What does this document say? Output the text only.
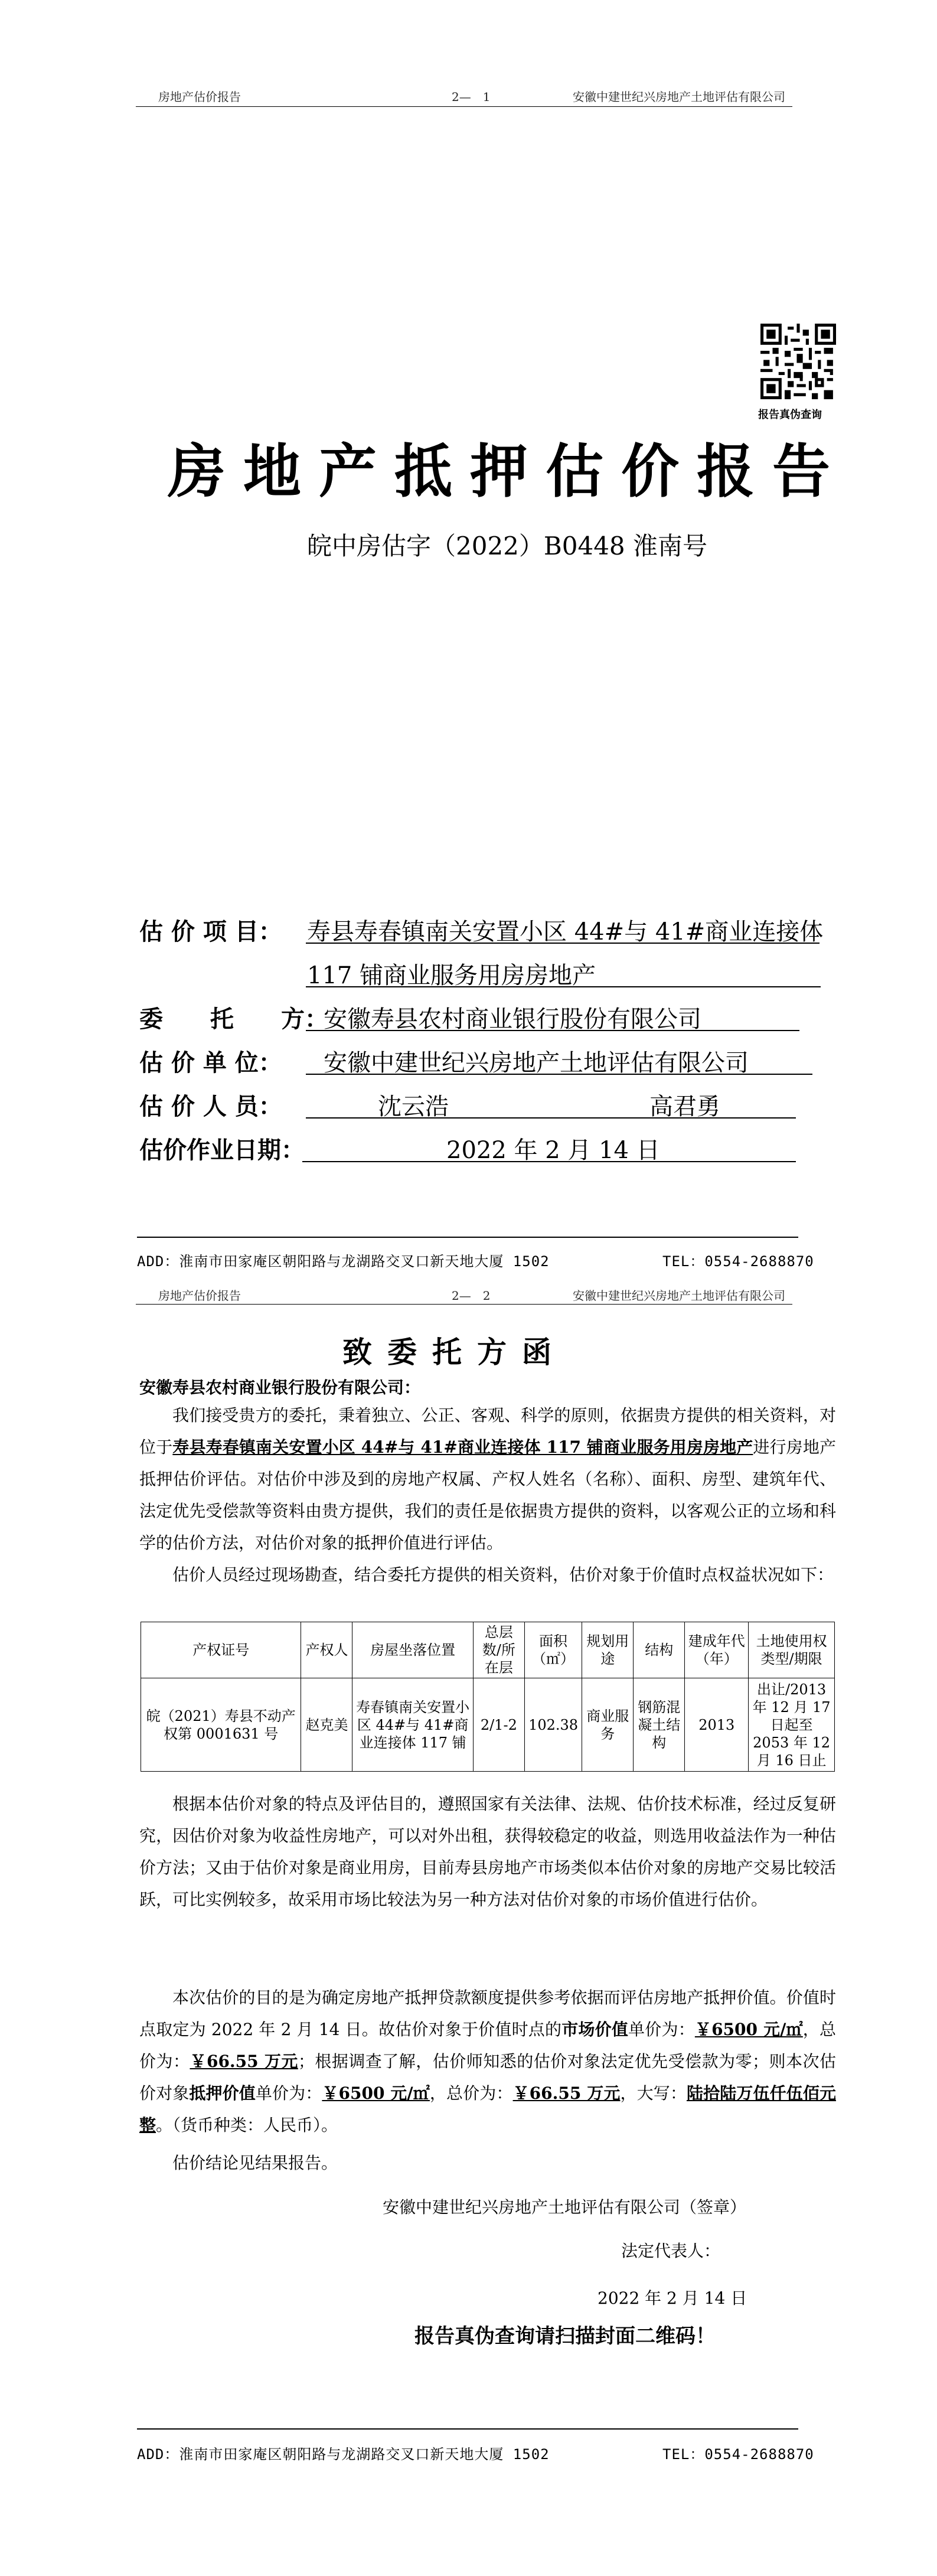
房地产估价报告	2—　1	安徽中建世纪兴房地产土地评估有限公司
报告真伪查询
房地产抵押估价报告
皖中房估字（2022）B0448 淮南号
估 价 项 目： 寿县寿春镇南关安置小区 44#与 41#商业连接体
117 铺商业服务用房房地产
委　　托　　方：
安徽寿县农村商业银行股份有限公司
估 价 单 位： 安徽中建世纪兴房地产土地评估有限公司
估 价 人 员：	沈云浩	高君勇
估价作业日期：	2022 年 2 月 14 日
ADD：淮南市田家庵区朝阳路与龙湖路交叉口新天地大厦 1502	TEL：0554-2688870
房地产估价报告	2—　2	安徽中建世纪兴房地产土地评估有限公司
致委托方函
安徽寿县农村商业银行股份有限公司：
我们接受贵方的委托，秉着独立、公正、客观、科学的原则，依据贵方提供的相关资料，对位于寿县寿春镇南关安置小区 44#与 41#商业连接体 117 铺商业服务用房房地产进行房地产抵押估价评估。对估价中涉及到的房地产权属、产权人姓名（名称）、面积、房型、建筑年代、法定优先受偿款等资料由贵方提供，我们的责任是依据贵方提供的资料，以客观公正的立场和科学的估价方法，对估价对象的抵押价值进行评估。
估价人员经过现场勘查，结合委托方提供的相关资料，估价对象于价值时点权益状况如下：
产权证号	产权人	房屋坐落位置	总层数/所在层	面积（㎡）	规划用途	结构	建成年代（年）	土地使用权类型/期限
皖（2021）寿县不动产权第 0001631 号	赵克美	寿春镇南关安置小区 44#与 41#商业连接体 117 铺	2/1-2	102.38	商业服务	钢筋混凝土结构	2013	出让/2013 年 12 月 17 日起至 2053 年 12 月 16 日止
根据本估价对象的特点及评估目的，遵照国家有关法律、法规、估价技术标准，经过反复研究，因估价对象为收益性房地产，可以对外出租，获得较稳定的收益，则选用收益法作为一种估价方法；又由于估价对象是商业用房，目前寿县房地产市场类似本估价对象的房地产交易比较活跃，可比实例较多，故采用市场比较法为另一种方法对估价对象的市场价值进行估价。
本次估价的目的是为确定房地产抵押贷款额度提供参考依据而评估房地产抵押价值。价值时点取定为 2022 年 2 月 14 日。故估价对象于价值时点的市场价值单价为：￥6500 元/㎡，总价为：￥66.55 万元；根据调查了解，估价师知悉的估价对象法定优先受偿款为零；则本次估价对象抵押价值单价为：￥6500 元/㎡，总价为：￥66.55 万元，大写：陆拾陆万伍仟伍佰元整。（货币种类：人民币）。
估价结论见结果报告。
安徽中建世纪兴房地产土地评估有限公司（签章）
法定代表人：
2022 年 2 月 14 日
报告真伪查询请扫描封面二维码！
ADD：淮南市田家庵区朝阳路与龙湖路交叉口新天地大厦 1502	TEL：0554-2688870
